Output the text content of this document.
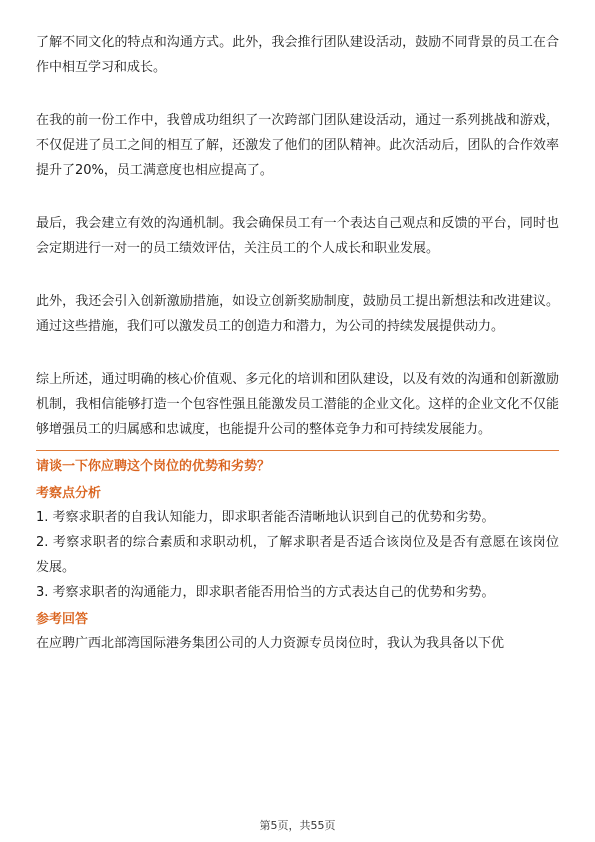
了解不同文化的特点和沟通方式。此外，我会推行团队建设活动，鼓励不同背景的员工在合作中相互学习和成长。

在我的前一份工作中，我曾成功组织了一次跨部门团队建设活动，通过一系列挑战和游戏，不仅促进了员工之间的相互了解，还激发了他们的团队精神。此次活动后，团队的合作效率提升了20%，员工满意度也相应提高了。

最后，我会建立有效的沟通机制。我会确保员工有一个表达自己观点和反馈的平台，同时也会定期进行一对一的员工绩效评估，关注员工的个人成长和职业发展。

此外，我还会引入创新激励措施，如设立创新奖励制度，鼓励员工提出新想法和改进建议。通过这些措施，我们可以激发员工的创造力和潜力，为公司的持续发展提供动力。

综上所述，通过明确的核心价值观、多元化的培训和团队建设，以及有效的沟通和创新激励机制，我相信能够打造一个包容性强且能激发员工潜能的企业文化。这样的企业文化不仅能够增强员工的归属感和忠诚度，也能提升公司的整体竞争力和可持续发展能力。

请谈一下你应聘这个岗位的优势和劣势？
考察点分析
1. 考察求职者的自我认知能力，即求职者能否清晰地认识到自己的优势和劣势。
2. 考察求职者的综合素质和求职动机，了解求职者是否适合该岗位及是否有意愿在该岗位发展。
3. 考察求职者的沟通能力，即求职者能否用恰当的方式表达自己的优势和劣势。
参考回答

在应聘广西北部湾国际港务集团公司的人力资源专员岗位时，我认为我具备以下优

第5页，共55页
